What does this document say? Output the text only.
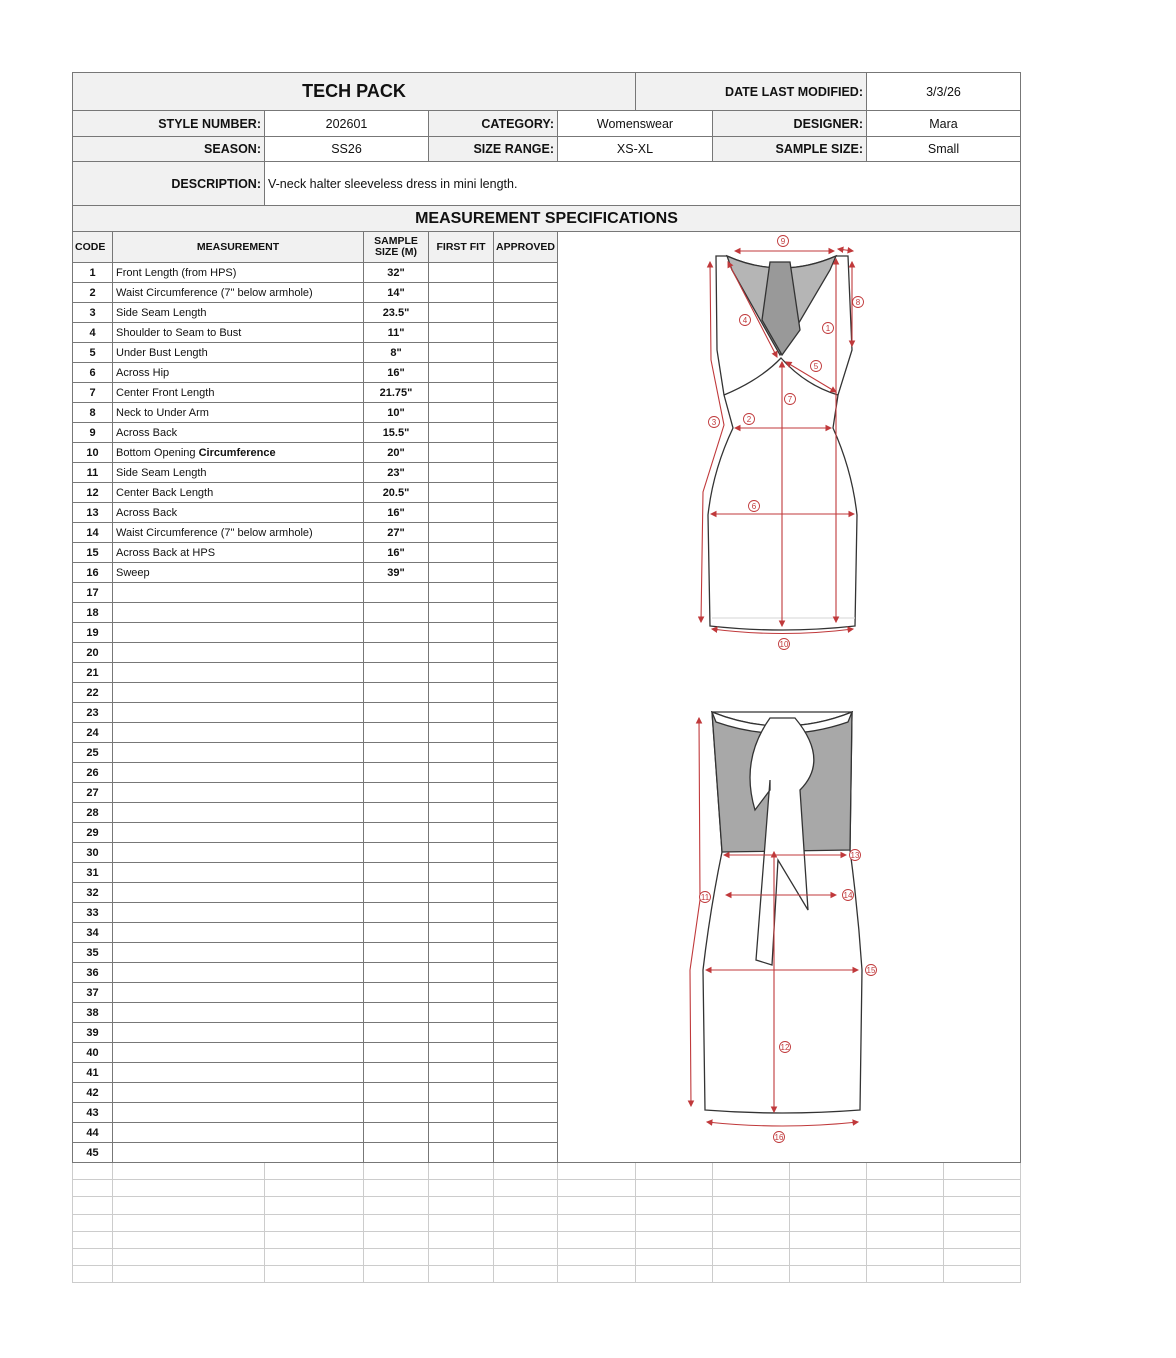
TECH PACK	DATE LAST MODIFIED:	3/3/26
STYLE NUMBER:	202601	CATEGORY:	Womenswear	DESIGNER:	Mara
SEASON:	SS26	SIZE RANGE:	XS-XL	SAMPLE SIZE:	Small
DESCRIPTION: V-neck halter sleeveless dress in mini length.
MEASUREMENT SPECIFICATIONS
CODE	MEASUREMENT	SAMPLE SIZE (M)	FIRST FIT	APPROVED
1	Front Length (from HPS)	32"
2	Waist Circumference (7" below armhole)	14"
3	Side Seam Length	23.5"
4	Shoulder to Seam to Bust	11"
5	Under Bust Length	8"
6	Across Hip	16"
7	Center Front Length	21.75"
8	Neck to Under Arm	10"
9	Across Back	15.5"
10	Bottom Opening
Circumference	20"
11	Side Seam Length	23"
12	Center Back Length	20.5"
13	Across Back	16"
14	Waist Circumference (7" below armhole)	27"
15	Across Back at HPS	16"
16	Sweep	39"
17
18
19
20
21
22
23
24
25
26
27
28
29
30
31
32
33
34
35
36
37
38
39
40
41
42
43
44
45
9
8
4
1
5
7
3	2
6
10
13
14
11
15
12
16
